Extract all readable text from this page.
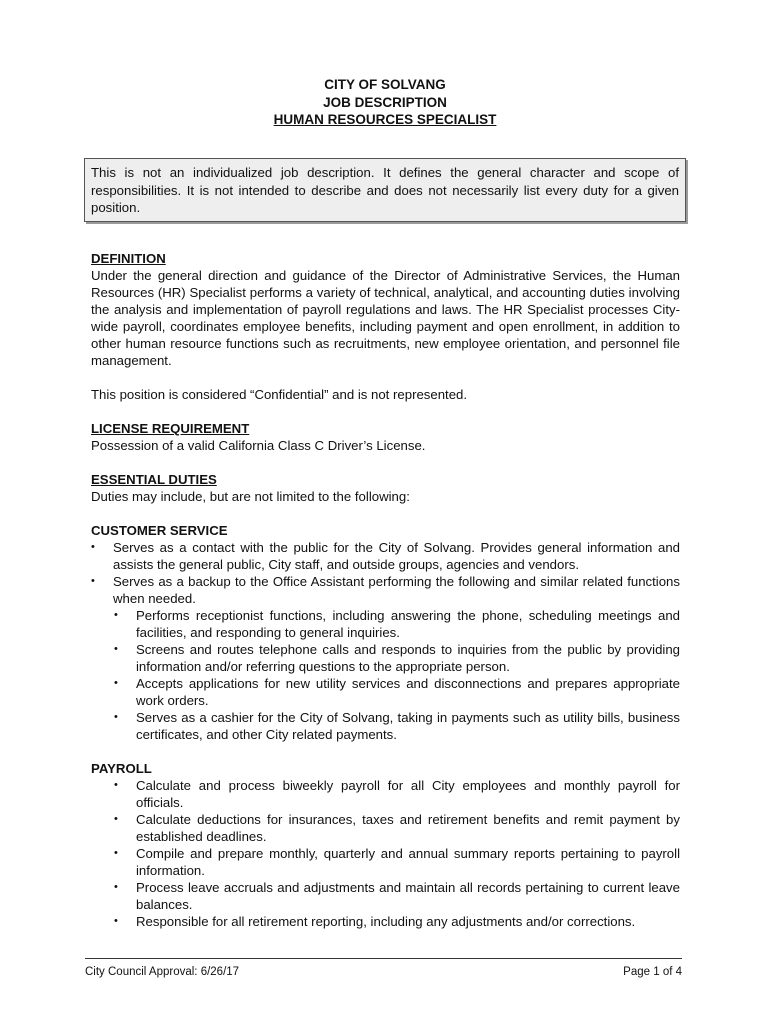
CITY OF SOLVANG
JOB DESCRIPTION
HUMAN RESOURCES SPECIALIST
This is not an individualized job description. It defines the general character and scope of responsibilities. It is not intended to describe and does not necessarily list every duty for a given position.

DEFINITION

Under the general direction and guidance of the Director of Administrative Services, the Human Resources (HR) Specialist performs a variety of technical, analytical, and accounting duties involving the analysis and implementation of payroll regulations and laws. The HR Specialist processes City-wide payroll, coordinates employee benefits, including payment and open enrollment, in addition to other human resource functions such as recruitments, new employee orientation, and personnel file management.

This position is considered “Confidential” and is not represented.

LICENSE REQUIREMENT

Possession of a valid California Class C Driver’s License.

ESSENTIAL DUTIES

Duties may include, but are not limited to the following:

CUSTOMER SERVICE

• Serves as a contact with the public for the City of Solvang. Provides general information and assists the general public, City staff, and outside groups, agencies and vendors.
• Serves as a backup to the Office Assistant performing the following and similar related functions when needed.
• Performs receptionist functions, including answering the phone, scheduling meetings and facilities, and responding to general inquiries.
• Screens and routes telephone calls and responds to inquiries from the public by providing information and/or referring questions to the appropriate person.
• Accepts applications for new utility services and disconnections and prepares appropriate work orders.
• Serves as a cashier for the City of Solvang, taking in payments such as utility bills, business certificates, and other City related payments.

PAYROLL

• Calculate and process biweekly payroll for all City employees and monthly payroll for officials.
• Calculate deductions for insurances, taxes and retirement benefits and remit payment by established deadlines.
• Compile and prepare monthly, quarterly and annual summary reports pertaining to payroll information.
• Process leave accruals and adjustments and maintain all records pertaining to current leave balances.
• Responsible for all retirement reporting, including any adjustments and/or corrections.
City Council Approval: 6/26/17	Page 1 of 4
